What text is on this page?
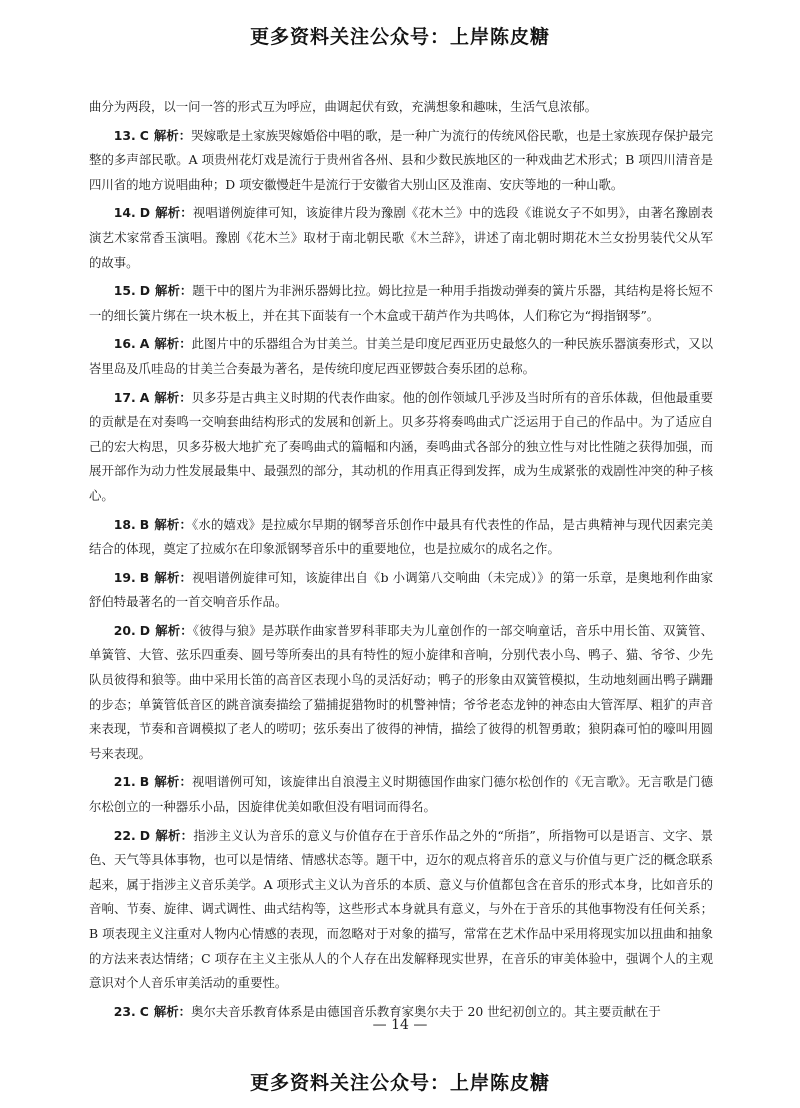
更多资料关注公众号：上岸陈皮糖

曲分为两段，以一问一答的形式互为呼应，曲调起伏有致，充满想象和趣味，生活气息浓郁。

13. C 解析：哭嫁歌是土家族哭嫁婚俗中唱的歌，是一种广为流行的传统风俗民歌，也是土家族现存保护最完整的多声部民歌。A 项贵州花灯戏是流行于贵州省各州、县和少数民族地区的一种戏曲艺术形式；B 项四川清音是四川省的地方说唱曲种；D 项安徽慢赶牛是流行于安徽省大别山区及淮南、安庆等地的一种山歌。

14. D 解析：视唱谱例旋律可知，该旋律片段为豫剧《花木兰》中的选段《谁说女子不如男》，由著名豫剧表演艺术家常香玉演唱。豫剧《花木兰》取材于南北朝民歌《木兰辞》，讲述了南北朝时期花木兰女扮男装代父从军的故事。

15. D 解析：题干中的图片为非洲乐器姆比拉。姆比拉是一种用手指拨动弹奏的簧片乐器，其结构是将长短不一的细长簧片绑在一块木板上，并在其下面装有一个木盒或干葫芦作为共鸣体，人们称它为“拇指钢琴”。

16. A 解析：此图片中的乐器组合为甘美兰。甘美兰是印度尼西亚历史最悠久的一种民族乐器演奏形式，又以峇里岛及爪哇岛的甘美兰合奏最为著名，是传统印度尼西亚锣鼓合奏乐团的总称。

17. A 解析：贝多芬是古典主义时期的代表作曲家。他的创作领域几乎涉及当时所有的音乐体裁，但他最重要的贡献是在对奏鸣一交响套曲结构形式的发展和创新上。贝多芬将奏鸣曲式广泛运用于自己的作品中。为了适应自己的宏大构思，贝多芬极大地扩充了奏鸣曲式的篇幅和内涵，奏鸣曲式各部分的独立性与对比性随之获得加强，而展开部作为动力性发展最集中、最强烈的部分，其动机的作用真正得到发挥，成为生成紧张的戏剧性冲突的种子核心。

18. B 解析：《水的嬉戏》是拉威尔早期的钢琴音乐创作中最具有代表性的作品，是古典精神与现代因素完美结合的体现，奠定了拉威尔在印象派钢琴音乐中的重要地位，也是拉威尔的成名之作。

19. B 解析：视唱谱例旋律可知，该旋律出自《b 小调第八交响曲（未完成）》的第一乐章，是奥地利作曲家舒伯特最著名的一首交响音乐作品。

20. D 解析：《彼得与狼》是苏联作曲家普罗科菲耶夫为儿童创作的一部交响童话，音乐中用长笛、双簧管、单簧管、大管、弦乐四重奏、圆号等所奏出的具有特性的短小旋律和音响，分别代表小鸟、鸭子、猫、爷爷、少先队员彼得和狼等。曲中采用长笛的高音区表现小鸟的灵活好动；鸭子的形象由双簧管模拟，生动地刻画出鸭子蹒跚的步态；单簧管低音区的跳音演奏描绘了猫捕捉猎物时的机警神情；爷爷老态龙钟的神态由大管浑厚、粗犷的声音来表现，节奏和音调模拟了老人的唠叨；弦乐奏出了彼得的神情，描绘了彼得的机智勇敢；狼阴森可怕的嚎叫用圆号来表现。

21. B 解析：视唱谱例可知，该旋律出自浪漫主义时期德国作曲家门德尔松创作的《无言歌》。无言歌是门德尔松创立的一种器乐小品，因旋律优美如歌但没有唱词而得名。

22. D 解析：指涉主义认为音乐的意义与价值存在于音乐作品之外的“所指”，所指物可以是语言、文字、景色、天气等具体事物，也可以是情绪、情感状态等。题干中，迈尔的观点将音乐的意义与价值与更广泛的概念联系起来，属于指涉主义音乐美学。A 项形式主义认为音乐的本质、意义与价值都包含在音乐的形式本身，比如音乐的音响、节奏、旋律、调式调性、曲式结构等，这些形式本身就具有意义，与外在于音乐的其他事物没有任何关系；B 项表现主义注重对人物内心情感的表现，而忽略对于对象的描写，常常在艺术作品中采用将现实加以扭曲和抽象的方法来表达情绪；C 项存在主义主张从人的个人存在出发解释现实世界，在音乐的审美体验中，强调个人的主观意识对个人音乐审美活动的重要性。

23. C 解析：奥尔夫音乐教育体系是由德国音乐教育家奥尔夫于 20 世纪初创立的。其主要贡献在于

— 14 —
更多资料关注公众号：上岸陈皮糖
